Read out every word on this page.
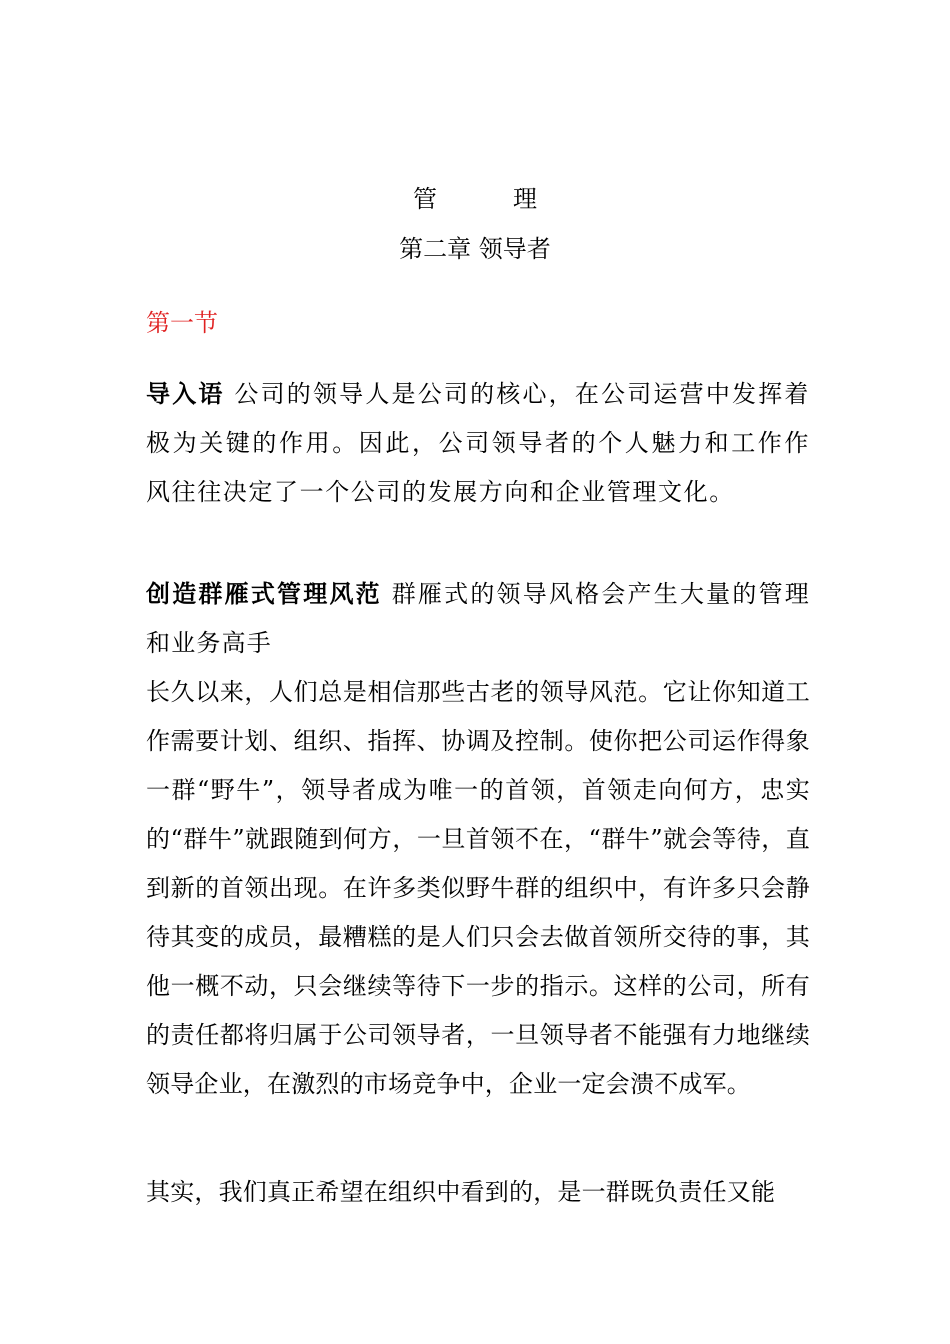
管	理
第二章 领导者
第一节

导入语 公司的领导人是公司的核心，在公司运营中发挥着极为关键的作用。因此，公司领导者的个人魅力和工作作风往往决定了一个公司的发展方向和企业管理文化。

创造群雁式管理风范 群雁式的领导风格会产生大量的管理和业务高手

长久以来，人们总是相信那些古老的领导风范。它让你知道工作需要计划、组织、指挥、协调及控制。使你把公司运作得象一群“野牛”，领导者成为唯一的首领，首领走向何方，忠实的“群牛”就跟随到何方，一旦首领不在，“群牛”就会等待，直到新的首领出现。在许多类似野牛群的组织中，有许多只会静待其变的成员，最糟糕的是人们只会去做首领所交待的事，其他一概不动，只会继续等待下一步的指示。这样的公司，所有的责任都将归属于公司领导者，一旦领导者不能强有力地继续领导企业，在激烈的市场竞争中，企业一定会溃不成军。

其实，我们真正希望在组织中看到的，是一群既负责任又能
